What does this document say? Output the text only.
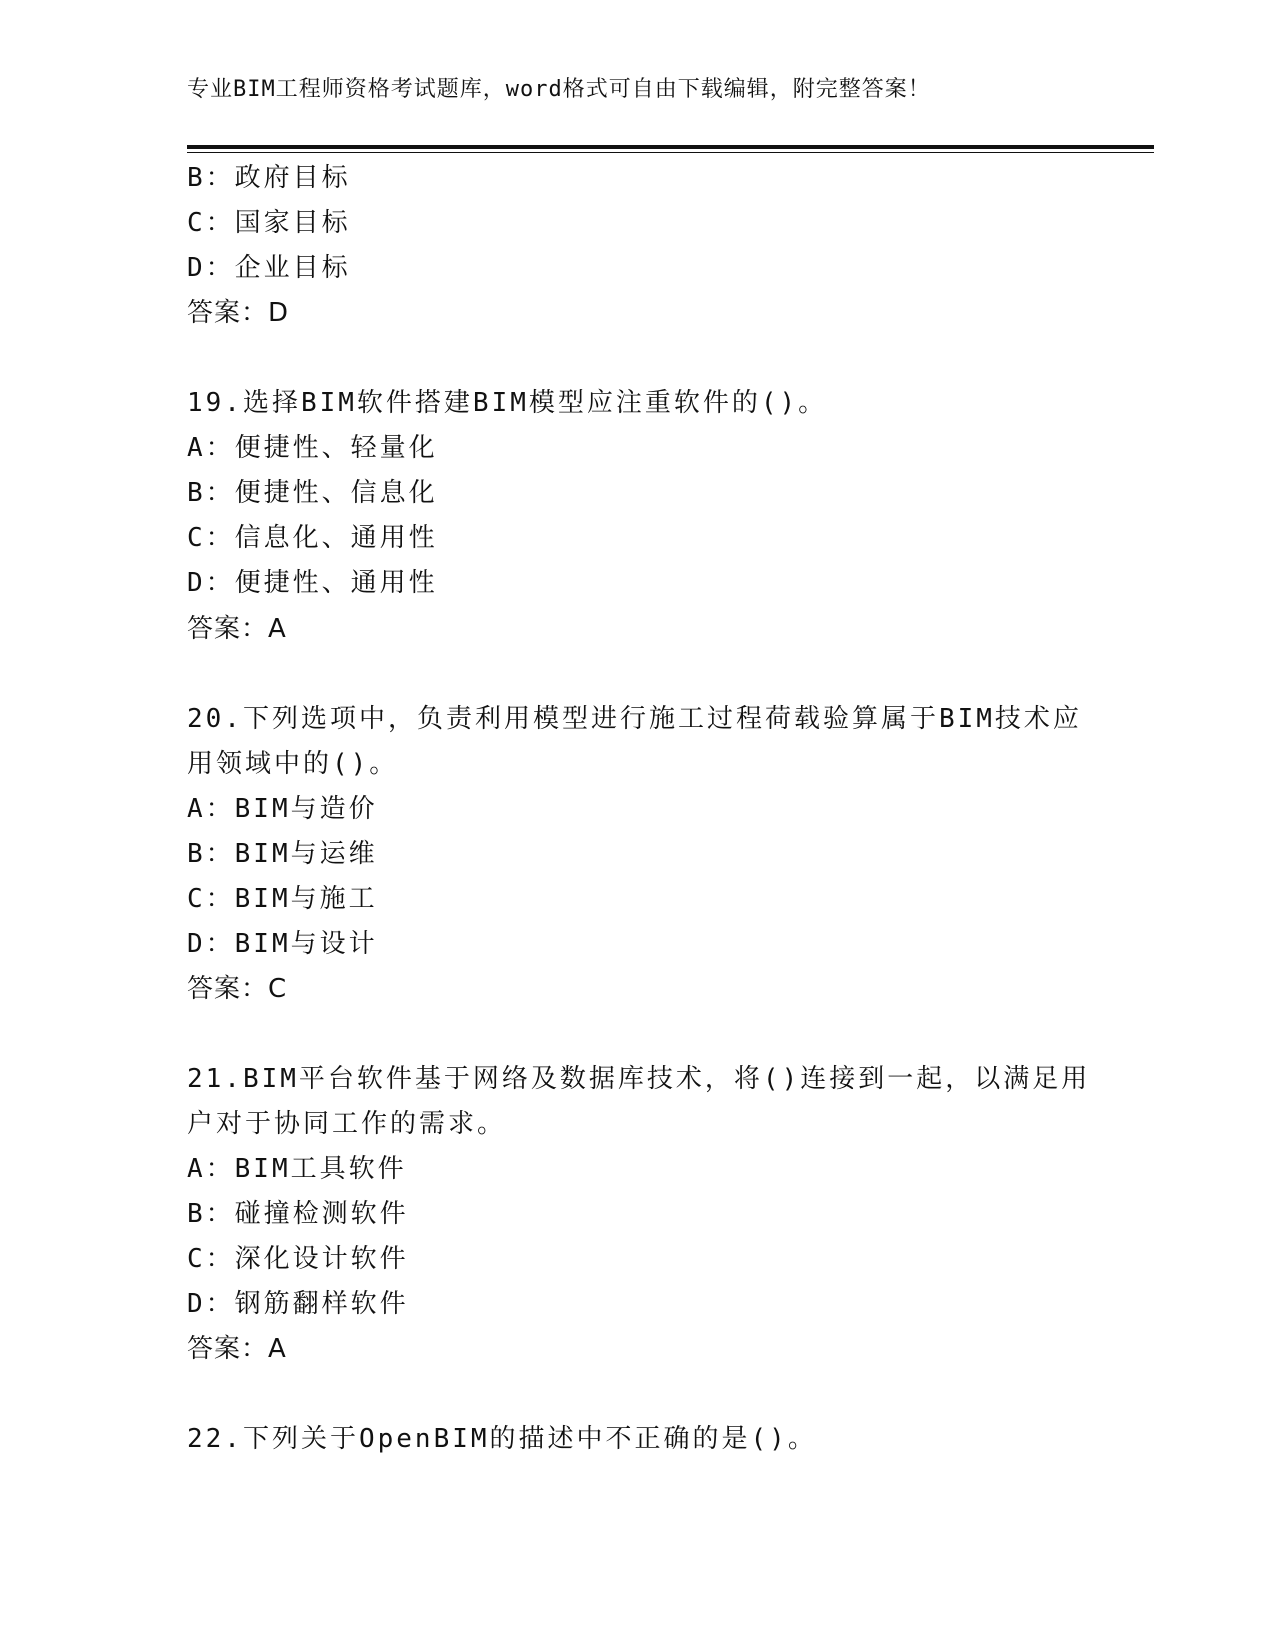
专业BIM工程师资格考试题库，word格式可自由下载编辑，附完整答案！
B：政府目标
C：国家目标
D：企业目标
答案：D
19.选择BIM软件搭建BIM模型应注重软件的()。
A：便捷性、轻量化
B：便捷性、信息化
C：信息化、通用性
D：便捷性、通用性
答案：A
20.下列选项中，负责利用模型进行施工过程荷载验算属于BIM技术应
用领域中的()。
A：BIM与造价
B：BIM与运维
C：BIM与施工
D：BIM与设计
答案：C
21.BIM平台软件基于网络及数据库技术，将()连接到一起，以满足用
户对于协同工作的需求。
A：BIM工具软件
B：碰撞检测软件
C：深化设计软件
D：钢筋翻样软件
答案：A
22.下列关于OpenBIM的描述中不正确的是()。
